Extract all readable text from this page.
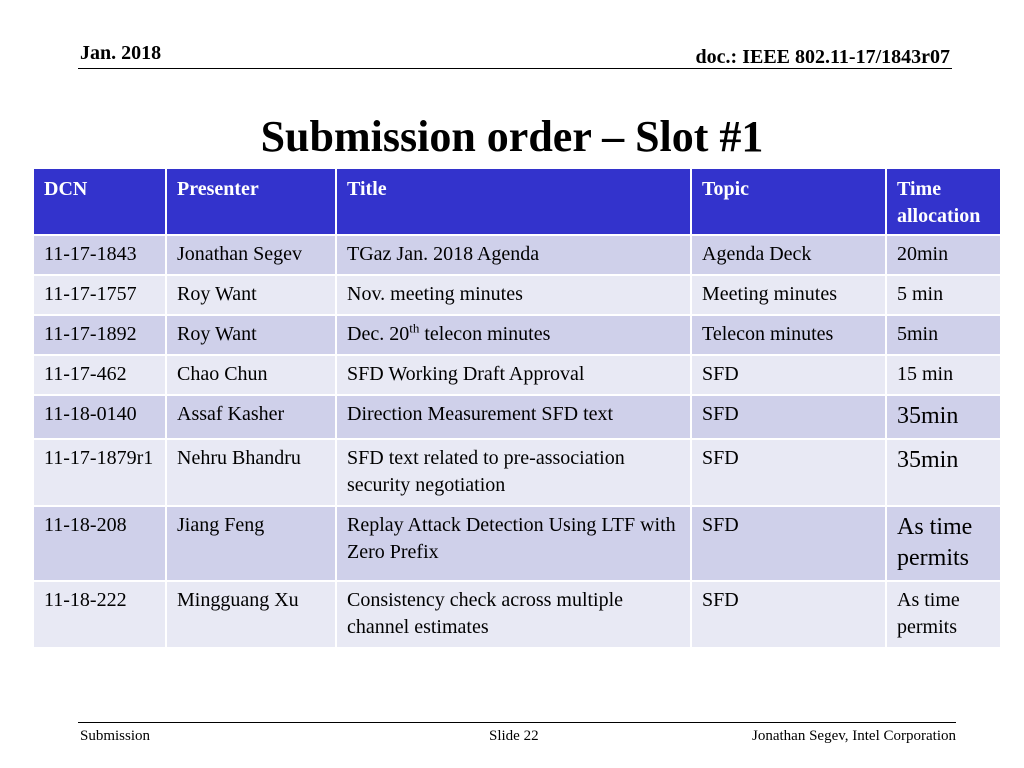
Jan. 2018	doc.: IEEE 802.11-17/1843r07
Submission order – Slot #1
DCN	Presenter	Title	Topic	Time allocation
11-17-1843	Jonathan Segev	TGaz Jan. 2018 Agenda	Agenda Deck	20min
11-17-1757	Roy Want	Nov. meeting minutes	Meeting minutes	5 min
11-17-1892	Roy Want	Dec. 20th telecon minutes	Telecon minutes	5min
11-17-462	Chao Chun	SFD Working Draft Approval	SFD	15 min
11-18-0140	Assaf Kasher	Direction Measurement SFD text	SFD	35min
11-17-1879r1	Nehru Bhandru	SFD text related to pre-association security negotiation	SFD	35min
11-18-208	Jiang Feng	Replay Attack Detection Using LTF with Zero Prefix	SFD	As time permits
11-18-222	Mingguang Xu	Consistency check across multiple channel estimates	SFD	As time permits
Submission	Slide 22	Jonathan Segev, Intel Corporation
